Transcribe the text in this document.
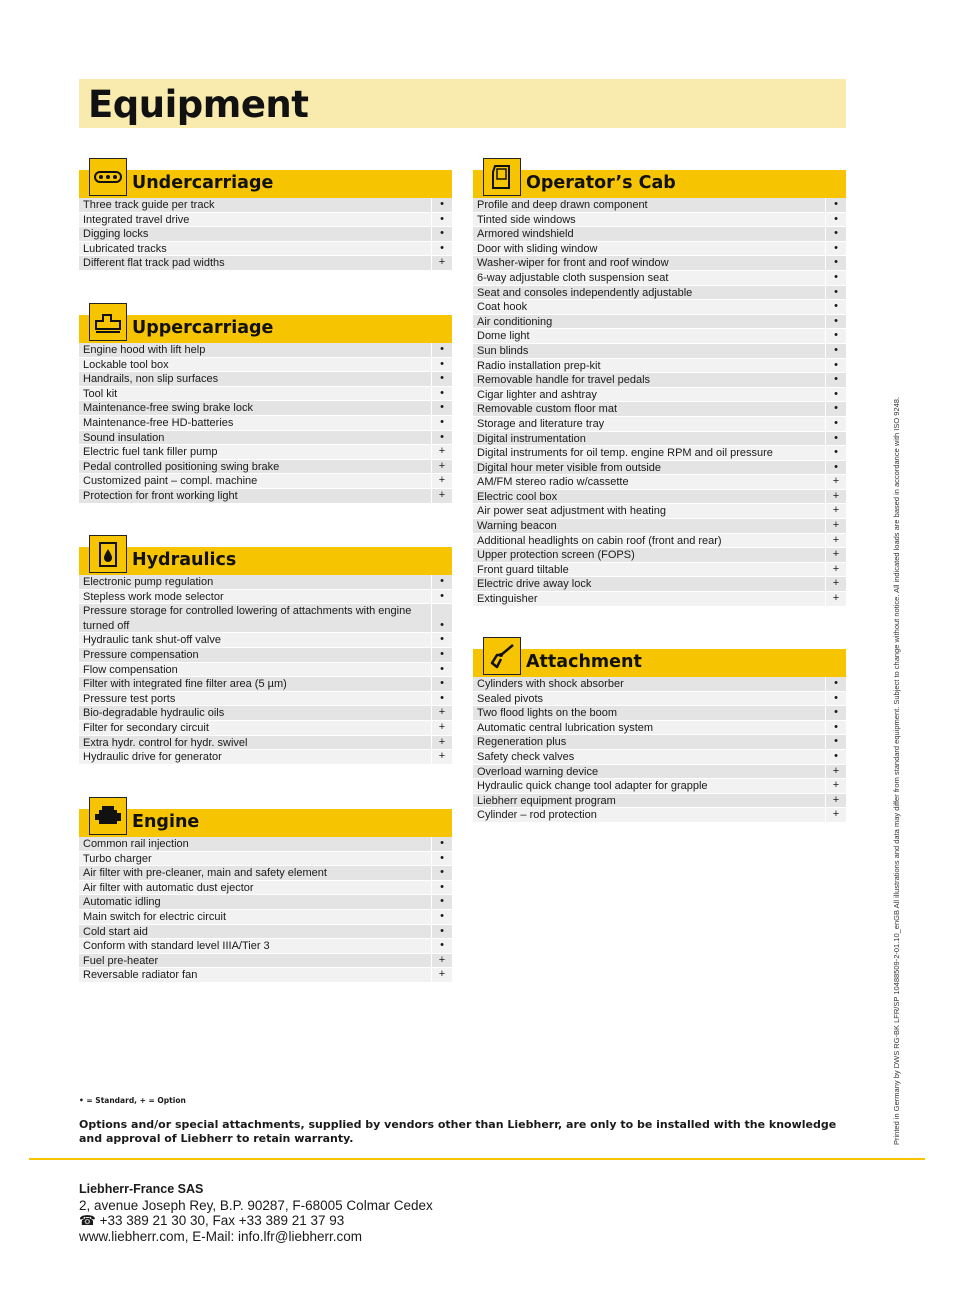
Equipment
Undercarriage
Three track guide per track	•
Integrated travel drive	•
Digging locks	•
Lubricated tracks	•
Different flat track pad widths	+
Uppercarriage
Engine hood with lift help	•
Lockable tool box	•
Handrails, non slip surfaces	•
Tool kit	•
Maintenance-free swing brake lock	•
Maintenance-free HD-batteries	•
Sound insulation	•
Electric fuel tank filler pump	+
Pedal controlled positioning swing brake	+
Customized paint – compl. machine	+
Protection for front working light	+
Hydraulics
Electronic pump regulation	•
Stepless work mode selector	•
Pressure storage for controlled lowering of attachments with engine turned off	•
Hydraulic tank shut-off valve	•
Pressure compensation	•
Flow compensation	•
Filter with integrated fine filter area (5 µm)	•
Pressure test ports	•
Bio-degradable hydraulic oils	+
Filter for secondary circuit	+
Extra hydr. control for hydr. swivel	+
Hydraulic drive for generator	+
Engine
Common rail injection	•
Turbo charger	•
Air filter with pre-cleaner, main and safety element	•
Air filter with automatic dust ejector	•
Automatic idling	•
Main switch for electric circuit	•
Cold start aid	•
Conform with standard level IIIA/Tier 3	•
Fuel pre-heater	+
Reversable radiator fan	+
Operator’s Cab
Profile and deep drawn component	•
Tinted side windows	•
Armored windshield	•
Door with sliding window	•
Washer-wiper for front and roof window	•
6-way adjustable cloth suspension seat	•
Seat and consoles independently adjustable	•
Coat hook	•
Air conditioning	•
Dome light	•
Sun blinds	•
Radio installation prep-kit	•
Removable handle for travel pedals	•
Cigar lighter and ashtray	•
Removable custom floor mat	•
Storage and literature tray	•
Digital instrumentation	•
Digital instruments for oil temp. engine RPM and oil pressure	•
Digital hour meter visible from outside	•
AM/FM stereo radio w/cassette	+
Electric cool box	+
Air power seat adjustment with heating	+
Warning beacon	+
Additional headlights on cabin roof (front and rear)	+
Upper protection screen (FOPS)	+
Front guard tiltable	+
Electric drive away lock	+
Extinguisher	+
Attachment
Cylinders with shock absorber	•
Sealed pivots	•
Two flood lights on the boom	•
Automatic central lubrication system	•
Regeneration plus	•
Safety check valves	•
Overload warning device	+
Hydraulic quick change tool adapter for grapple	+
Liebherr equipment program	+
Cylinder – rod protection	+
• = Standard, + = Option
Options and/or special attachments, supplied by vendors other than Liebherr, are only to be installed with the knowledge and approval of Liebherr to retain warranty.
Liebherr-France SAS
2, avenue Joseph Rey, B.P. 90287, F-68005 Colmar Cedex
☎ +33 389 21 30 30, Fax +33 389 21 37 93
www.liebherr.com, E-Mail: info.lfr@liebherr.com
Printed in Germany by DWS RG-BK LFR/SP 10488509-2-01.10_enGB All illustrations and data may differ from standard equipment. Subject to change without notice. All indicated loads are based in accordance with ISO 9248.
